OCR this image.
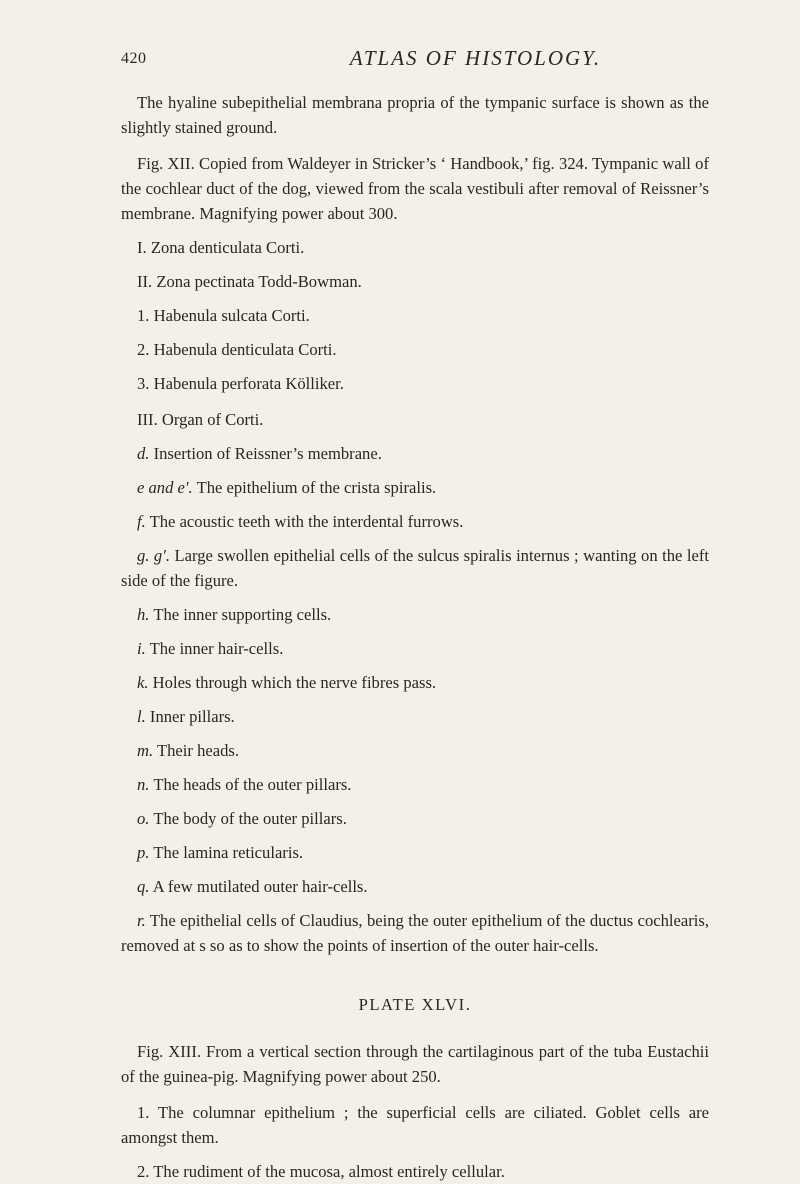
420	ATLAS OF HISTOLOGY.

The hyaline subepithelial membrana propria of the tympanic surface is shown as the slightly stained ground.

Fig. XII. Copied from Waldeyer in Stricker’s ‘ Handbook,’ fig. 324. Tympanic wall of the cochlear duct of the dog, viewed from the scala vestibuli after removal of Reissner’s membrane. Magnifying power about 300.

I. Zona denticulata Corti.

II. Zona pectinata Todd-Bowman.

1. Habenula sulcata Corti.

2. Habenula denticulata Corti.

3. Habenula perforata Kölliker.

III. Organ of Corti.

d. Insertion of Reissner’s membrane.

e and e′. The epithelium of the crista spiralis.

f. The acoustic teeth with the interdental furrows.

g. g′. Large swollen epithelial cells of the sulcus spiralis internus ; wanting on the left side of the figure.

h. The inner supporting cells.

i. The inner hair-cells.

k. Holes through which the nerve fibres pass.

l. Inner pillars.

m. Their heads.

n. The heads of the outer pillars.

o. The body of the outer pillars.

p. The lamina reticularis.

q. A few mutilated outer hair-cells.

r. The epithelial cells of Claudius, being the outer epithelium of the ductus cochlearis, removed at s so as to show the points of insertion of the outer hair-cells.

PLATE XLVI.

Fig. XIII. From a vertical section through the cartilaginous part of the tuba Eustachii of the guinea-pig. Magnifying power about 250.

1. The columnar epithelium ; the superficial cells are ciliated. Goblet cells are amongst them.

2. The rudiment of the mucosa, almost entirely cellular.
